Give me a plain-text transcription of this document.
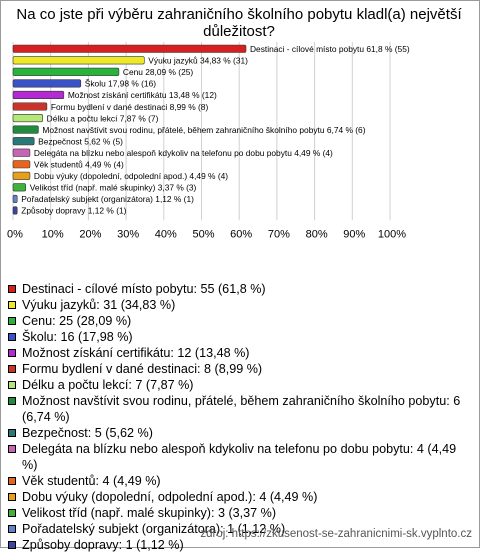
Na co jste při výběru zahraničního školního pobytu kladl(a) největší důležitost?
Destinaci - cílové místo pobytu 61,8 % (55)
Výuku jazyků 34,83 % (31)
Cenu 28,09 % (25)
Školu 17,98 % (16)
Možnost získání certifikátu 13,48 % (12)
Formu bydlení v dané destinaci 8,99 % (8)
Délku a počtu lekcí 7,87 % (7)
Možnost navštívit svou rodinu, přátelé, během zahraničního školního pobytu 6,74 % (6)
Bezpečnost 5,62 % (5)
Delegáta na blízku nebo alespoň kdykoliv na telefonu po dobu pobytu 4,49 % (4)
Věk studentů 4,49 % (4)
Dobu výuky (dopolední, odpolední apod.) 4,49 % (4)
Velikost tříd (např. malé skupinky) 3,37 % (3)
Pořadatelský subjekt (organizátora) 1,12 % (1)
Způsoby dopravy 1,12 % (1)
0% 10% 20% 30% 40% 50% 60% 70% 80% 90% 100%
Destinaci - cílové místo pobytu: 55 (61,8 %)
Výuku jazyků: 31 (34,83 %)
Cenu: 25 (28,09 %)
Školu: 16 (17,98 %)
Možnost získání certifikátu: 12 (13,48 %)
Formu bydlení v dané destinaci: 8 (8,99 %)
Délku a počtu lekcí: 7 (7,87 %)
Možnost navštívit svou rodinu, přátelé, během zahraničního školního pobytu: 6 (6,74 %)
Bezpečnost: 5 (5,62 %)
Delegáta na blízku nebo alespoň kdykoliv na telefonu po dobu pobytu: 4 (4,49 %)
Věk studentů: 4 (4,49 %)
Dobu výuky (dopolední, odpolední apod.): 4 (4,49 %)
Velikost tříd (např. malé skupinky): 3 (3,37 %)
Pořadatelský subjekt (organizátora): 1 (1,12 %)
Způsoby dopravy: 1 (1,12 %)
zdroj: https://zkusenost-se-zahranicnimi-sk.vyplnto.cz
